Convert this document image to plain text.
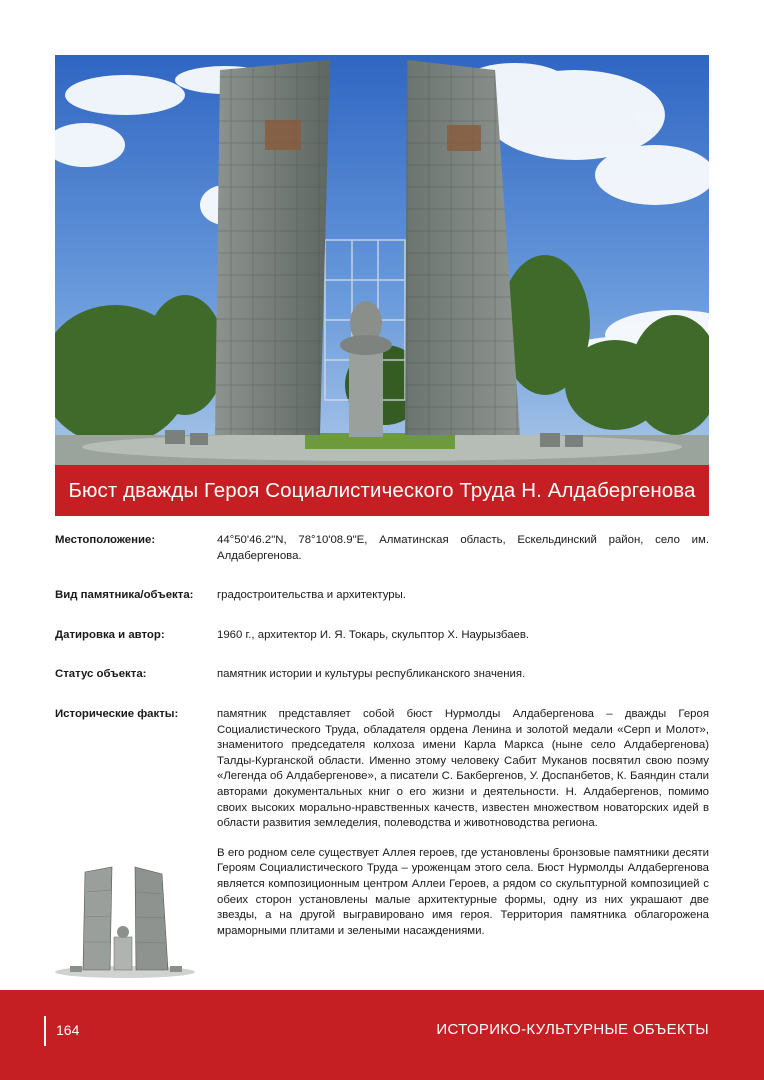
Бюст дважды Героя Социалистического Труда Н. Алдабергенова
Местоположение:	44°50'46.2"N, 78°10'08.9"E, Алматинская область, Ескельдинский район, село им. Алдабергенова.

Вид памятника/объекта:	градостроительства и архитектуры.

Датировка и автор:	1960 г., архитектор И. Я. Токарь, скульптор Х. Наурызбаев.

Статус объекта:	памятник истории и культуры республиканского значения.

Исторические факты:	памятник представляет собой бюст Нурмолды Алдабергенова – дважды Героя Социалистического Труда, обладателя ордена Ленина и золотой медали «Серп и Молот», знаменитого председателя колхоза имени Карла Маркса (ныне село Алдабергенова) Талды-Курганской области. Именно этому человеку Сабит Муканов посвятил свою поэму «Легенда об Алдабергенове», а писатели С. Бакбергенов, У. Доспанбетов, К. Баяндин стали авторами документальных книг о его жизни и деятельности. Н. Алдабергенов, помимо своих высоких морально-нравственных качеств, известен множеством новаторских идей в области развития земледелия, полеводства и животноводства региона.

В его родном селе существует Аллея героев, где установлены бронзовые памятники десяти Героям Социалистического Труда – уроженцам этого села. Бюст Нурмолды Алдабергенова является композиционным центром Аллеи Героев, а рядом со скульптурной композицией с обеих сторон установлены малые архитектурные формы, одну из них украшают две звезды, а на другой выгравировано имя героя. Территория памятника облагорожена мраморными плитами и зелеными насаждениями.

164	ИСТОРИКО-КУЛЬТУРНЫЕ ОБЪЕКТЫ
